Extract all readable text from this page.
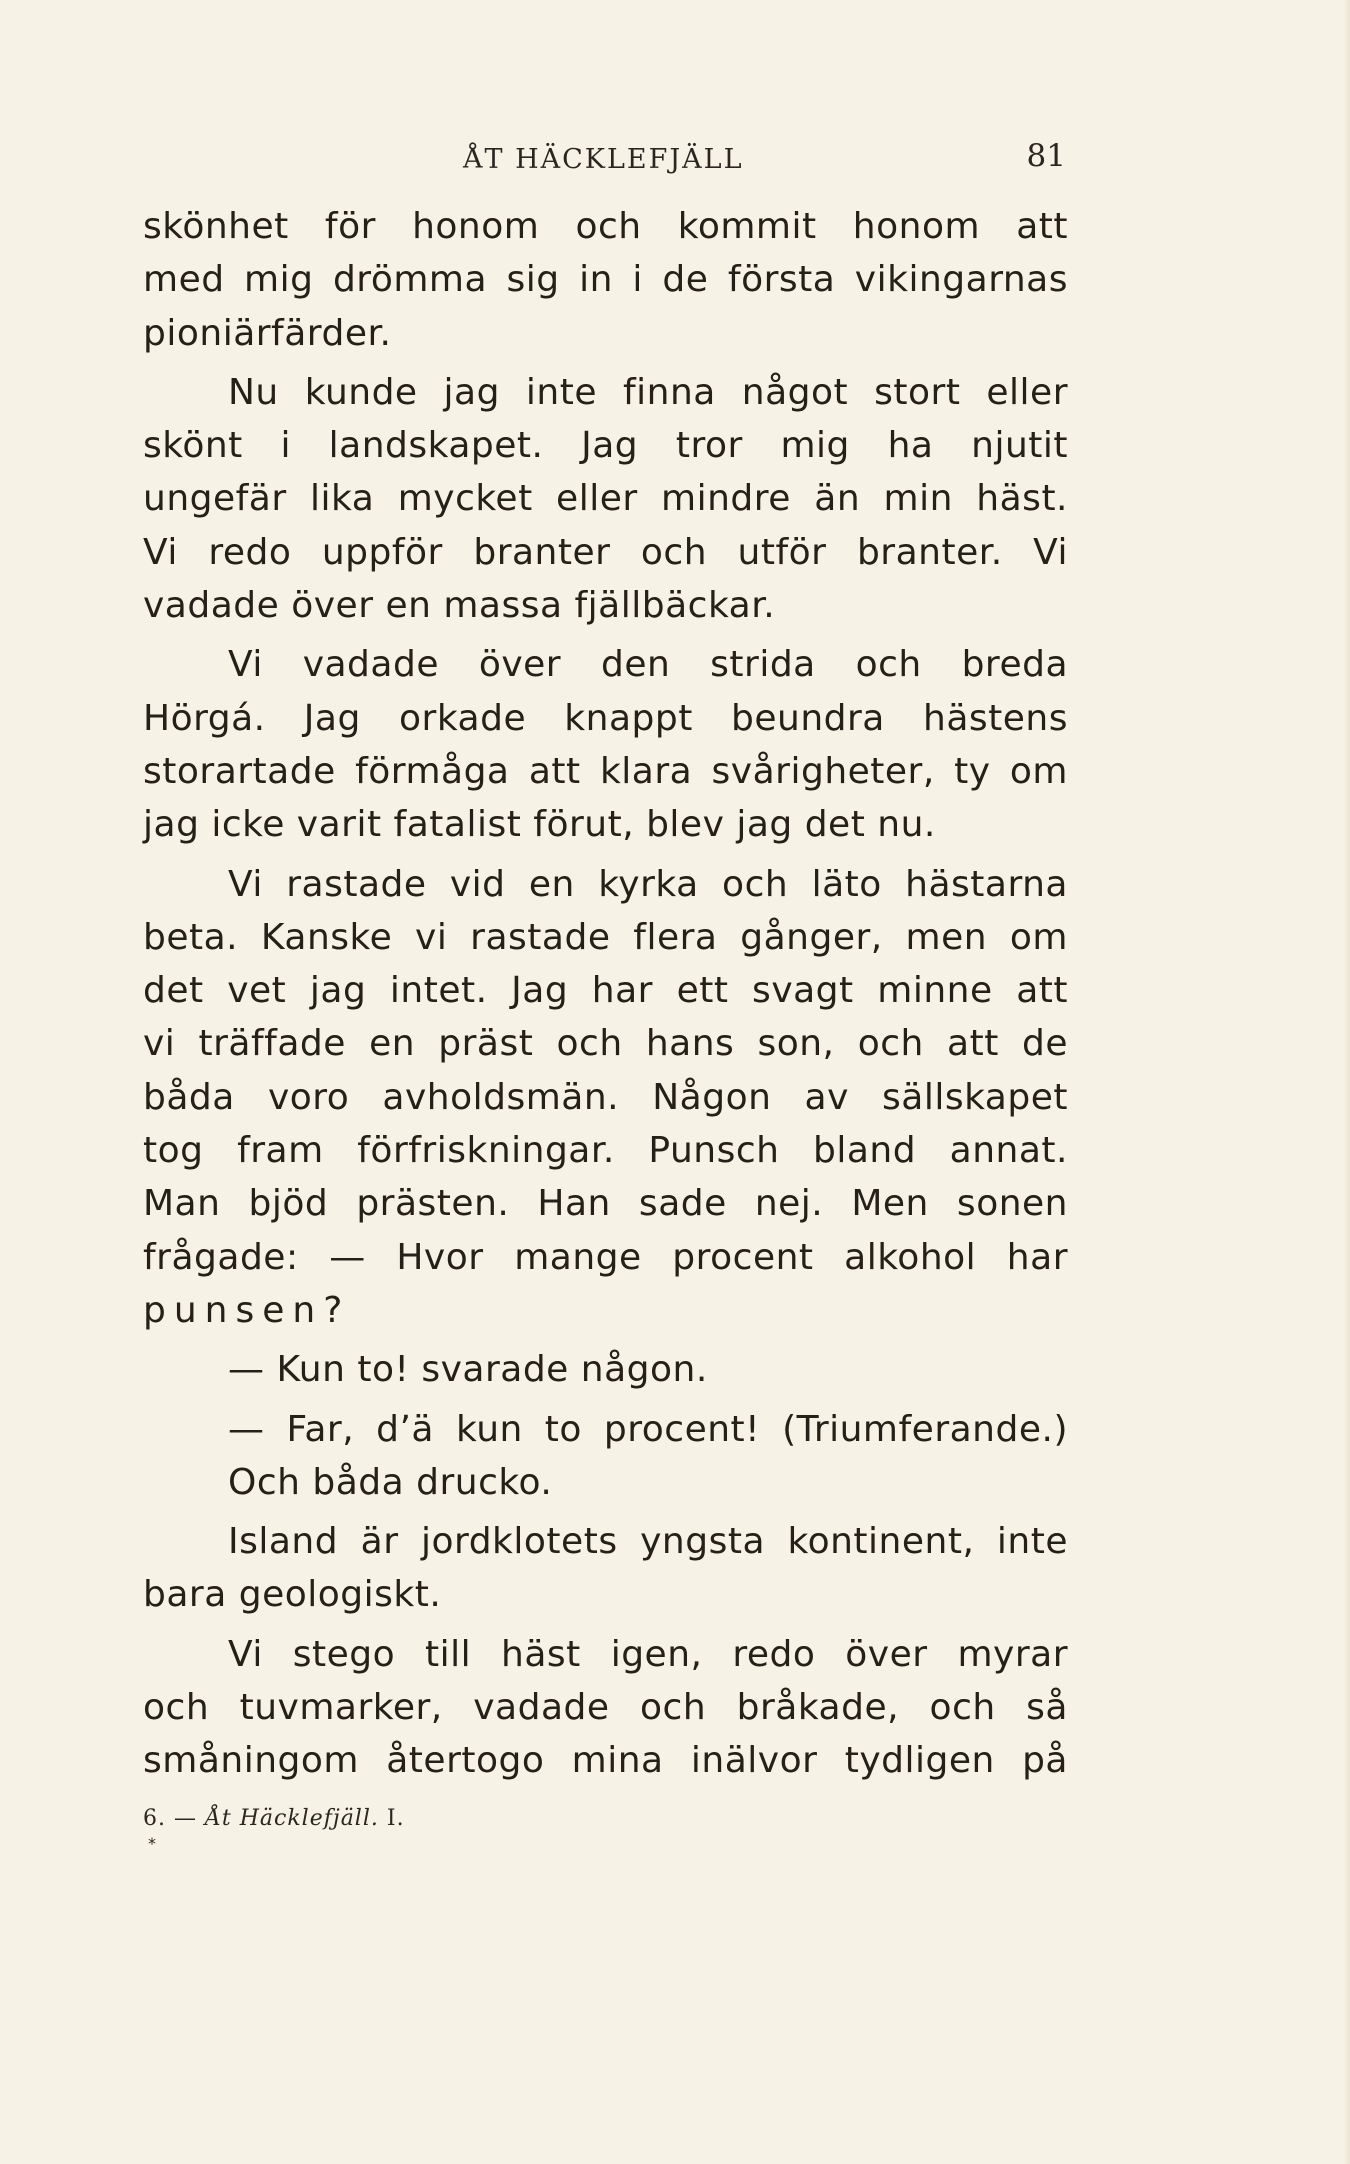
ÅT HÄCKLEFJÄLL	81
skönhet för honom och kommit honom att
med mig drömma sig in i de första vikingarnas
pioniärfärder.
Nu kunde jag inte finna något stort eller
skönt i landskapet. Jag tror mig ha njutit
ungefär lika mycket eller mindre än min häst.
Vi redo uppför branter och utför branter. Vi
vadade över en massa fjällbäckar.
Vi vadade över den strida och breda
Hörgá. Jag orkade knappt beundra hästens
storartade förmåga att klara svårigheter, ty om
jag icke varit fatalist förut, blev jag det nu.
Vi rastade vid en kyrka och läto hästarna
beta. Kanske vi rastade flera gånger, men om
det vet jag intet. Jag har ett svagt minne att
vi träffade en präst och hans son, och att de
båda voro avholdsmän. Någon av sällskapet
tog fram förfriskningar. Punsch bland annat.
Man bjöd prästen. Han sade nej. Men sonen
frågade: — Hvor mange procent alkohol har
punsen?
— Kun to! svarade någon.
— Far, d’ä kun to procent! (Triumferande.)
Och båda drucko.
Island är jordklotets yngsta kontinent, inte
bara geologiskt.
Vi stego till häst igen, redo över myrar
och tuvmarker, vadade och bråkade, och så
småningom återtogo mina inälvor tydligen på
6. — Åt Häcklefjäll. I.
*
